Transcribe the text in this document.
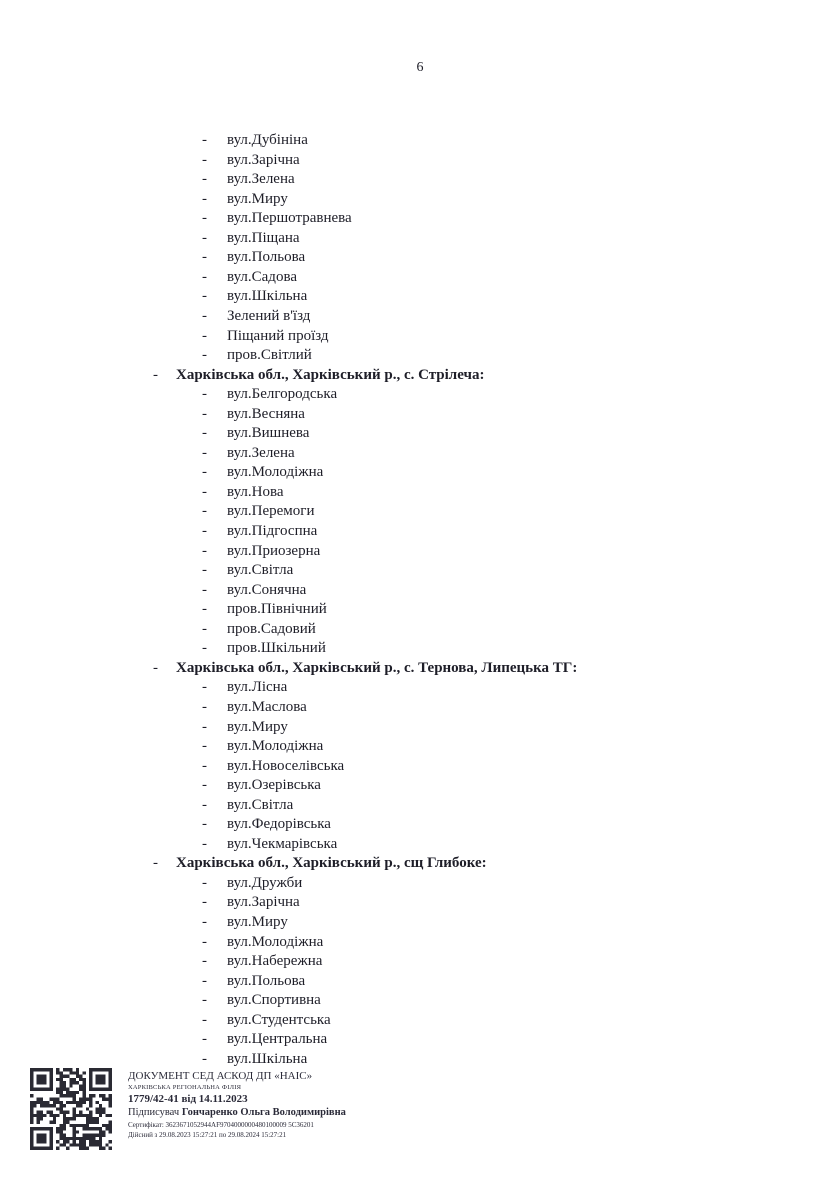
6
- вул.Дубініна
- вул.Зарічна
- вул.Зелена
- вул.Миру
- вул.Першотравнева
- вул.Піщана
- вул.Польова
- вул.Садова
- вул.Шкільна
- Зелений в'їзд
- Піщаний проїзд
- пров.Світлий
- Харківська обл., Харківський р., с. Стрілеча:
- вул.Белгородська
- вул.Весняна
- вул.Вишнева
- вул.Зелена
- вул.Молодіжна
- вул.Нова
- вул.Перемоги
- вул.Підгоспна
- вул.Приозерна
- вул.Світла
- вул.Сонячна
- пров.Північний
- пров.Садовий
- пров.Шкільний
- Харківська обл., Харківський р., с. Тернова, Липецька ТГ:
- вул.Лісна
- вул.Маслова
- вул.Миру
- вул.Молодіжна
- вул.Новоселівська
- вул.Озерівська
- вул.Світла
- вул.Федорівська
- вул.Чекмарівська
- Харківська обл., Харківський р., сщ Глибоке:
- вул.Дружби
- вул.Зарічна
- вул.Миру
- вул.Молодіжна
- вул.Набережна
- вул.Польова
- вул.Спортивна
- вул.Студентська
- вул.Центральна
- вул.Шкільна
ДОКУМЕНТ СЕД АСКОД ДП «НАІС»
ХАРКІВСЬКА РЕГІОНАЛЬНА ФІЛІЯ
1779/42-41 від 14.11.2023
Підписувач Гончаренко Ольга Володимирівна
Сертифікат: 3623671052944АF9704000000480100009 5C36201
Дійсний з 29.08.2023 15:27:21 по 29.08.2024 15:27:21
